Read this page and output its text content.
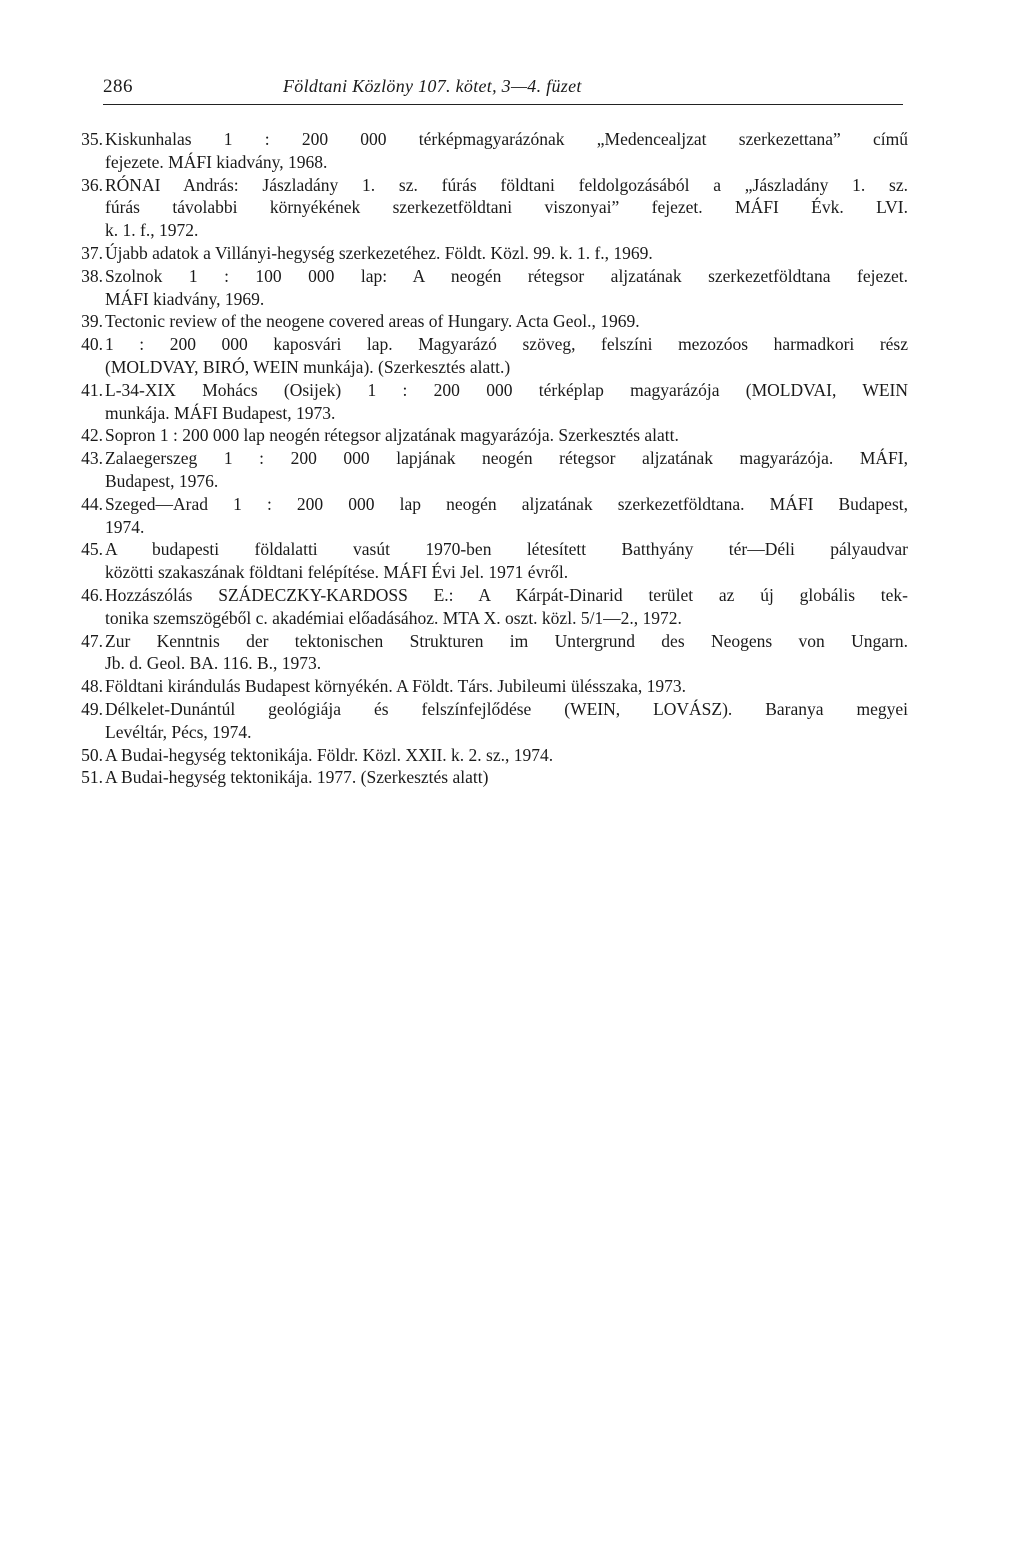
286	Földtani Közlöny 107. kötet, 3—4. füzet
35. Kiskunhalas 1 : 200 000 térképmagyarázónak „Medencealjzat szerkezettana” című
fejezete. MÁFI kiadvány, 1968.
36. RÓNAI András: Jászladány 1. sz. fúrás földtani feldolgozásából a „Jászladány 1. sz.
fúrás távolabbi környékének szerkezetföldtani viszonyai” fejezet. MÁFI Évk. LVI.
k. 1. f., 1972.
37. Újabb adatok a Villányi-hegység szerkezetéhez. Földt. Közl. 99. k. 1. f., 1969.
38. Szolnok 1 : 100 000 lap: A neogén rétegsor aljzatának szerkezetföldtana fejezet.
MÁFI kiadvány, 1969.
39. Tectonic review of the neogene covered areas of Hungary. Acta Geol., 1969.
40. 1 : 200 000 kaposvári lap. Magyarázó szöveg, felszíni mezozóos harmadkori rész
(MOLDVAY, BIRÓ, WEIN munkája). (Szerkesztés alatt.)
41. L-34-XIX Mohács (Osijek) 1 : 200 000 térképlap magyarázója (MOLDVAI, WEIN
munkája. MÁFI Budapest, 1973.
42. Sopron 1 : 200 000 lap neogén rétegsor aljzatának magyarázója. Szerkesztés alatt.
43. Zalaegerszeg 1 : 200 000 lapjának neogén rétegsor aljzatának magyarázója. MÁFI,
Budapest, 1976.
44. Szeged—Arad 1 : 200 000 lap neogén aljzatának szerkezetföldtana. MÁFI Budapest,
1974.
45. A budapesti földalatti vasút 1970-ben létesített Batthyány tér—Déli pályaudvar
közötti szakaszának földtani felépítése. MÁFI Évi Jel. 1971 évről.
46. Hozzászólás SZÁDECZKY-KARDOSS E.: A Kárpát-Dinarid terület az új globális tek-
tonika szemszögéből c. akadémiai előadásához. MTA X. oszt. közl. 5/1—2., 1972.
47. Zur Kenntnis der tektonischen Strukturen im Untergrund des Neogens von Ungarn.
Jb. d. Geol. BA. 116. B., 1973.
48. Földtani kirándulás Budapest környékén. A Földt. Társ. Jubileumi ülésszaka, 1973.
49. Délkelet-Dunántúl geológiája és felszínfejlődése (WEIN, LOVÁSZ). Baranya megyei
Levéltár, Pécs, 1974.
50. A Budai-hegység tektonikája. Földr. Közl. XXII. k. 2. sz., 1974.
51. A Budai-hegység tektonikája. 1977. (Szerkesztés alatt)
